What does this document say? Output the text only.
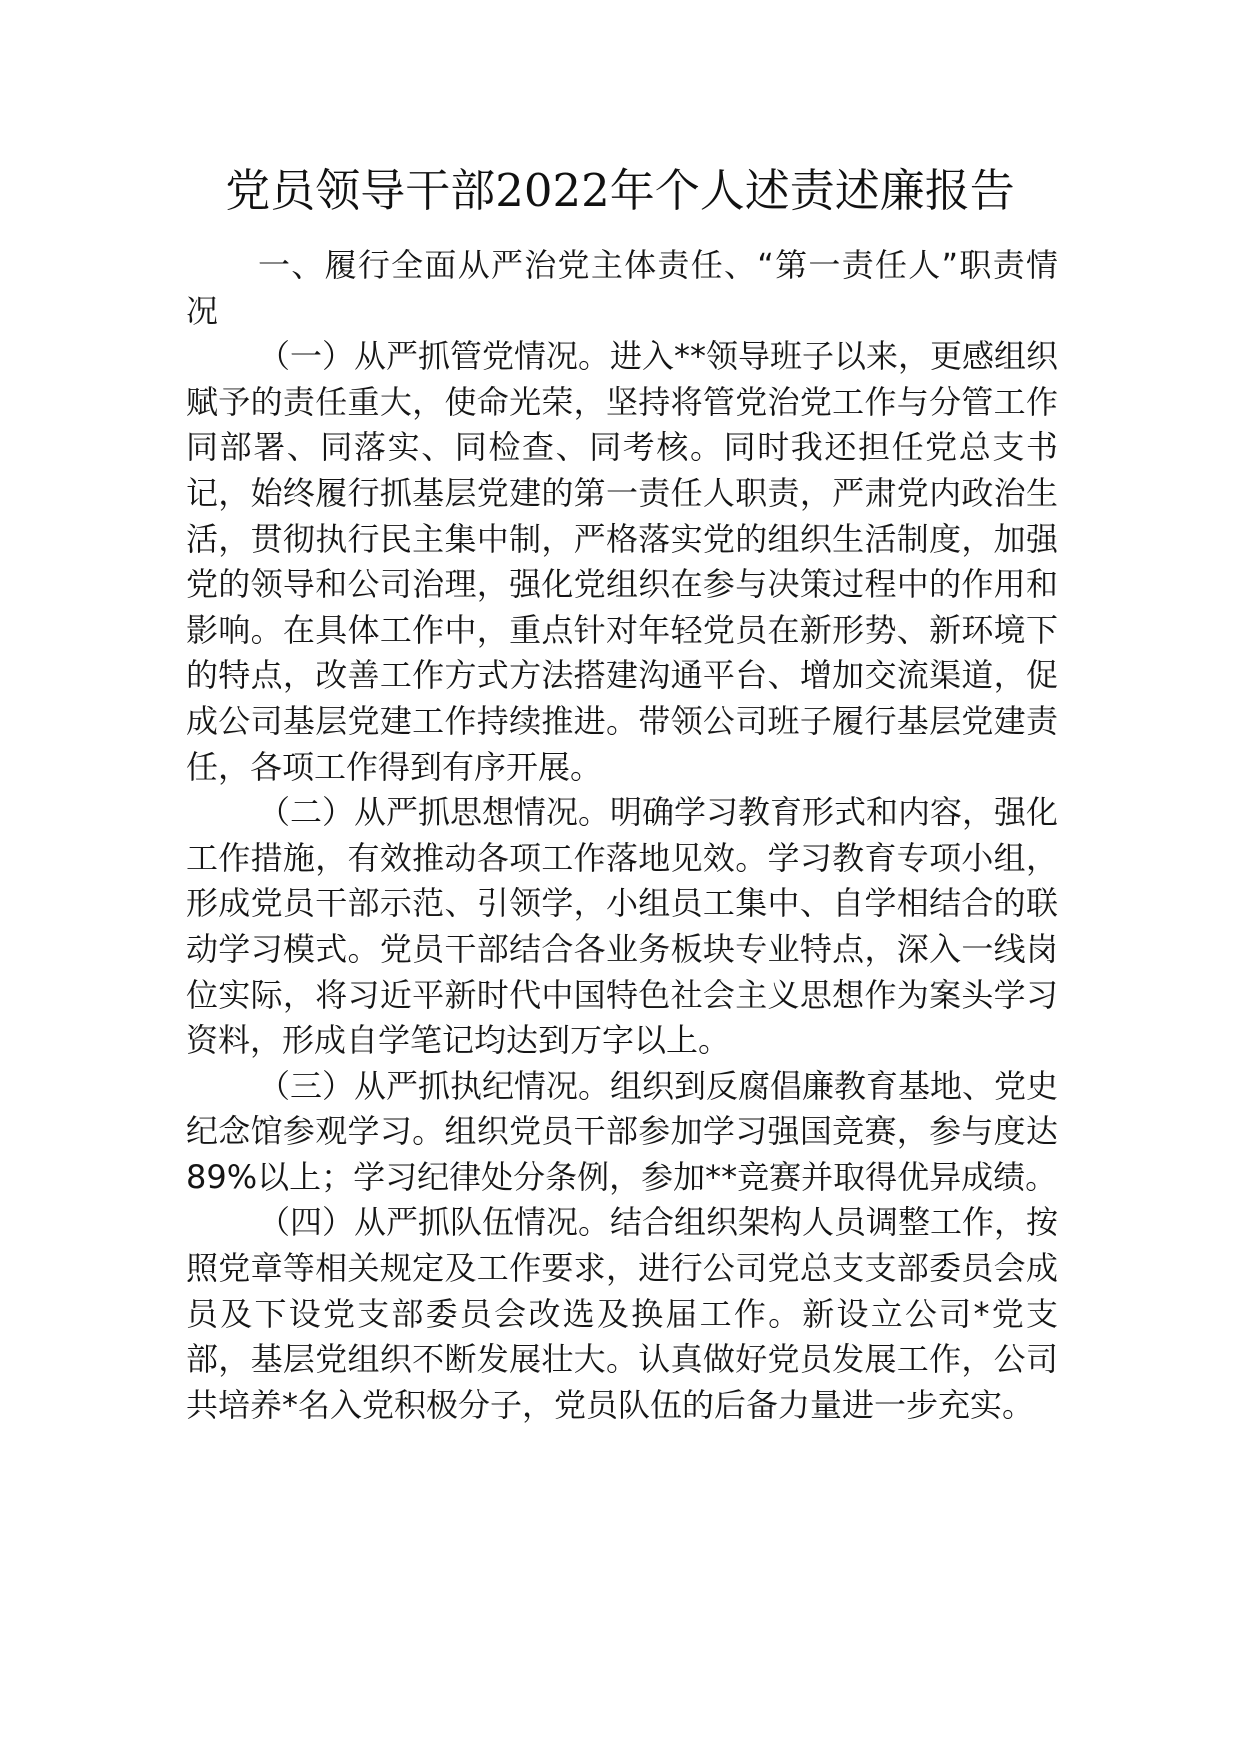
党员领导干部2022年个人述责述廉报告

一、履行全面从严治党主体责任、“第一责任人”职责情况

（一）从严抓管党情况。进入**领导班子以来，更感组织赋予的责任重大，使命光荣，坚持将管党治党工作与分管工作同部署、同落实、同检查、同考核。同时我还担任党总支书记，始终履行抓基层党建的第一责任人职责，严肃党内政治生活，贯彻执行民主集中制，严格落实党的组织生活制度，加强党的领导和公司治理，强化党组织在参与决策过程中的作用和影响。在具体工作中，重点针对年轻党员在新形势、新环境下的特点，改善工作方式方法搭建沟通平台、增加交流渠道，促成公司基层党建工作持续推进。带领公司班子履行基层党建责任，各项工作得到有序开展。

（二）从严抓思想情况。明确学习教育形式和内容，强化工作措施，有效推动各项工作落地见效。学习教育专项小组，形成党员干部示范、引领学，小组员工集中、自学相结合的联动学习模式。党员干部结合各业务板块专业特点，深入一线岗位实际，将习近平新时代中国特色社会主义思想作为案头学习资料，形成自学笔记均达到万字以上。

（三）从严抓执纪情况。组织到反腐倡廉教育基地、党史纪念馆参观学习。组织党员干部参加学习强国竞赛，参与度达89%以上；学习纪律处分条例，参加**竞赛并取得优异成绩。

（四）从严抓队伍情况。结合组织架构人员调整工作，按照党章等相关规定及工作要求，进行公司党总支支部委员会成员及下设党支部委员会改选及换届工作。新设立公司*党支部，基层党组织不断发展壮大。认真做好党员发展工作，公司共培养*名入党积极分子，党员队伍的后备力量进一步充实。
